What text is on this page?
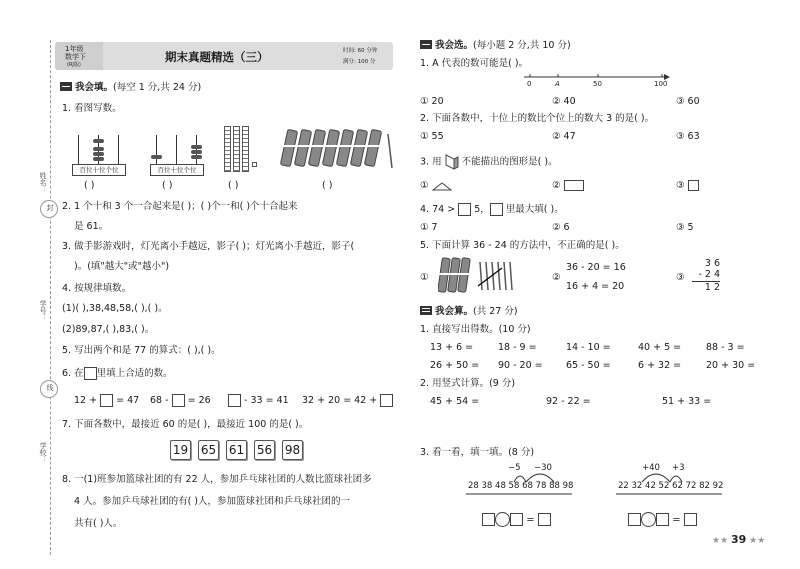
姓名：
封
学号：
线
学校：
1年级
数学下
(RJ版)
期末真题精选（三）	时间: 60 分钟
满分: 100 分
我会填。(每空 1 分,共 24 分)
1. 看图写数。
百位十位个位
( )
百位十位个位
( )	( )	( )
2. 1 个十和 3 个一合起来是( )；( )个一和( )个十合起来
是 61。
3. 做手影游戏时，灯光离小手越远，影子( )；灯光离小手越近，影子(
)。(填"越大"或"越小")
4. 按规律填数。
(1)( ),38,48,58,( ),( )。
(2)89,87,( ),83,( )。
5. 写出两个和是 77 的算式：( ),( )。
6. 在 里填上合适的数。
12 + = 47 68 - = 26	- 33 = 41 32 + 20 = 42 +
7. 下面各数中，最接近 60 的是( )，最接近 100 的是( )。
19 65 61 56 98
8. 一(1)班参加篮球社团的有 22 人，参加乒乓球社团的人数比篮球社团多
4 人。参加乒乓球社团的有( )人，参加篮球社团和乒乓球社团的一
共有( )人。
我会选。(每小题 2 分,共 10 分)
1. A 代表的数可能是( )。
0	A	50	100
① 20	② 40	③ 60
2. 下面各数中，十位上的数比个位上的数大 3 的是( )。
① 55	② 47	③ 63
3. 用 不能描出的图形是( )。
①	②	③
4. 74 > 5， 里最大填( )。
① 7	② 6	③ 5
5. 下面计算 36 - 24 的方法中，不正确的是( )。
①	②
36 - 20 = 16
16 + 4 = 20
③
3 6
- 2 4
1 2
我会算。(共 27 分)
1. 直接写出得数。(10 分)
13 + 6 =	18 - 9 =	14 - 10 =	40 + 5 =	88 - 3 =
26 + 50 = 90 - 20 = 65 - 50 =	6 + 32 =	20 + 30 =
2. 用竖式计算。(9 分)
45 + 54 =	92 - 22 =	51 + 33 =
3. 看一看，填一填。(8 分)
−5 −30
28 38 48 58 68 78 88 98
=
+40 +3
22 32 42 52 62 72 82 92
=
★★ 39 ★★
